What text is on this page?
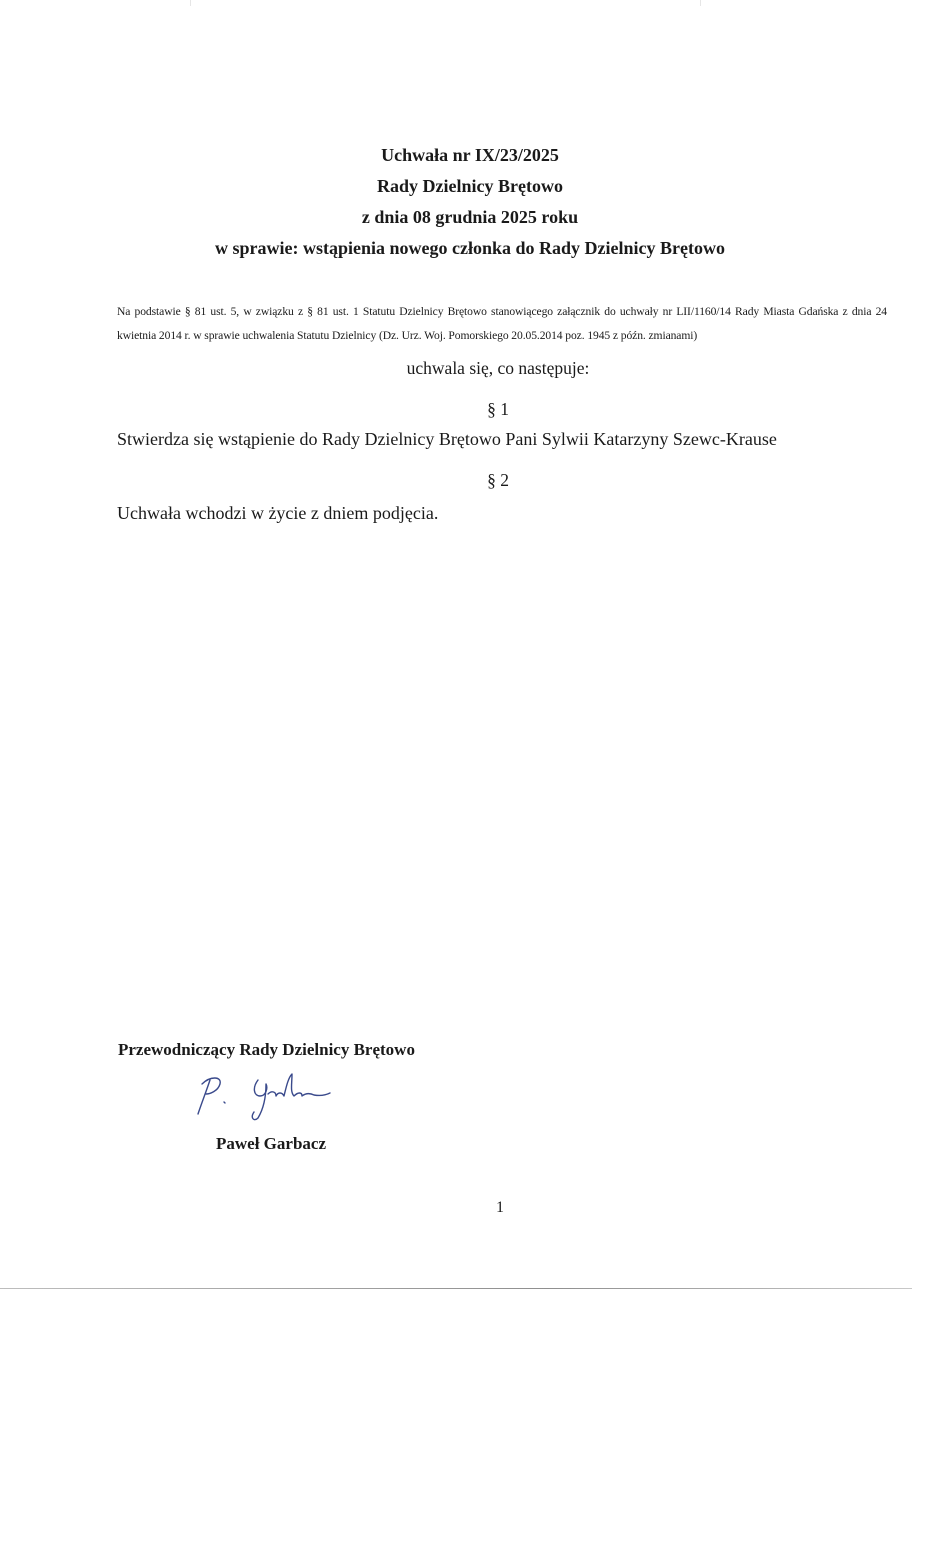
Uchwała nr IX/23/2025
Rady Dzielnicy Brętowo
z dnia 08 grudnia 2025 roku
w sprawie: wstąpienia nowego członka do Rady Dzielnicy Brętowo
Na podstawie § 81 ust. 5, w związku z § 81 ust. 1 Statutu Dzielnicy Brętowo stanowiącego załącznik do uchwały nr LII/1160/14 Rady Miasta Gdańska z dnia 24 kwietnia 2014 r. w sprawie uchwalenia Statutu Dzielnicy (Dz. Urz. Woj. Pomorskiego 20.05.2014 poz. 1945 z późn. zmianami)
uchwala się, co następuje:
§ 1
Stwierdza się wstąpienie do Rady Dzielnicy Brętowo Pani Sylwii Katarzyny Szewc-Krause
§ 2
Uchwała wchodzi w życie z dniem podjęcia.
Przewodniczący Rady Dzielnicy Brętowo
Paweł Garbacz
1
